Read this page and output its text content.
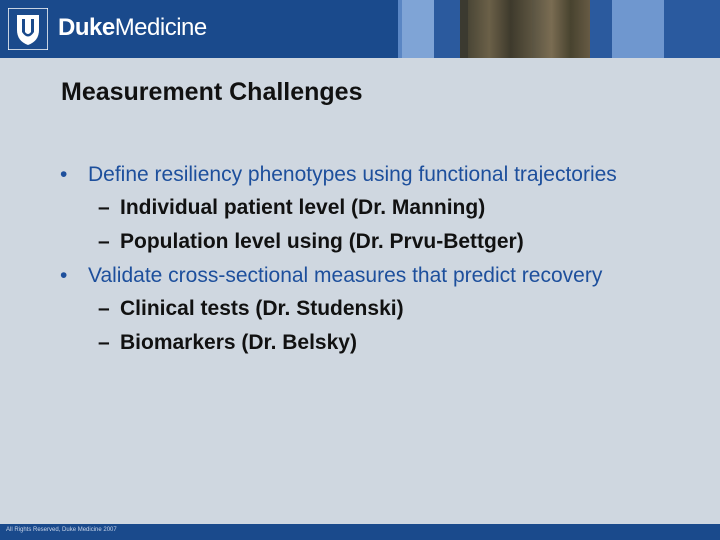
DukeMedicine
Measurement Challenges
• Define resiliency phenotypes using functional trajectories
– Individual patient level (Dr. Manning)
– Population level using (Dr. Prvu-Bettger)
• Validate cross-sectional measures that predict recovery
– Clinical tests (Dr. Studenski)
– Biomarkers (Dr. Belsky)
All Rights Reserved, Duke Medicine 2007
